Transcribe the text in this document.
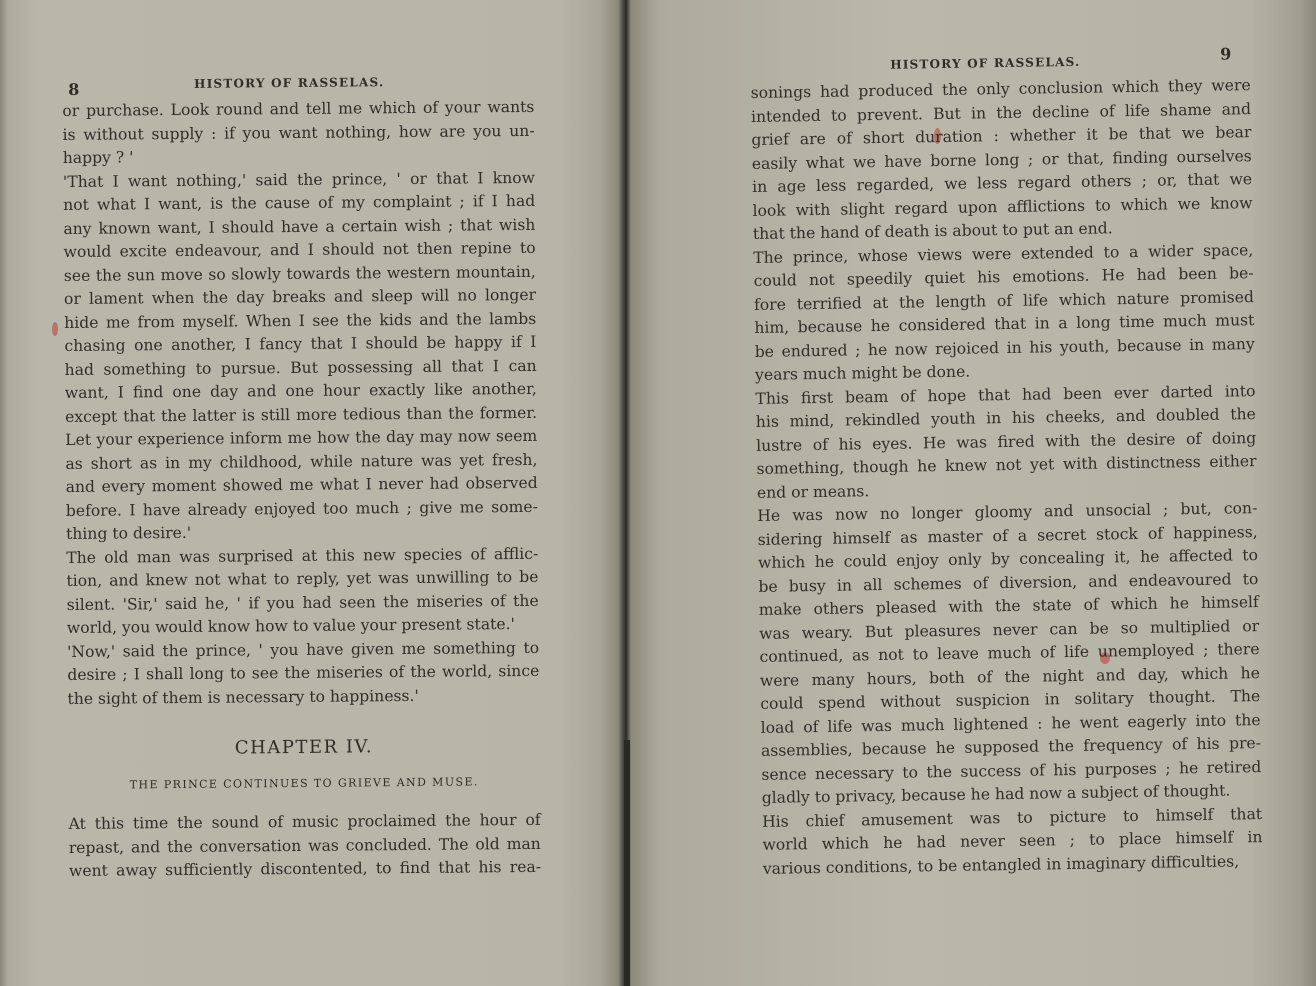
8	HISTORY OF RASSELAS.
or purchase. Look round and tell me which of your wants
is without supply : if you want nothing, how are you un-
happy ? '
'That I want nothing,' said the prince, ' or that I know
not what I want, is the cause of my complaint ; if I had
any known want, I should have a certain wish ; that wish
would excite endeavour, and I should not then repine to
see the sun move so slowly towards the western mountain,
or lament when the day breaks and sleep will no longer
hide me from myself. When I see the kids and the lambs
chasing one another, I fancy that I should be happy if I
had something to pursue. But possessing all that I can
want, I find one day and one hour exactly like another,
except that the latter is still more tedious than the former.
Let your experience inform me how the day may now seem
as short as in my childhood, while nature was yet fresh,
and every moment showed me what I never had observed
before. I have already enjoyed too much ; give me some-
thing to desire.'
The old man was surprised at this new species of afflic-
tion, and knew not what to reply, yet was unwilling to be
silent. 'Sir,' said he, ' if you had seen the miseries of the
world, you would know how to value your present state.'
'Now,' said the prince, ' you have given me something to
desire ; I shall long to see the miseries of the world, since
the sight of them is necessary to happiness.'
CHAPTER IV.
THE PRINCE CONTINUES TO GRIEVE AND MUSE.
At this time the sound of music proclaimed the hour of
repast, and the conversation was concluded. The old man
went away sufficiently discontented, to find that his rea-
HISTORY OF RASSELAS.	9
sonings had produced the only conclusion which they were
intended to prevent. But in the decline of life shame and
grief are of short duration : whether it be that we bear
easily what we have borne long ; or that, finding ourselves
in age less regarded, we less regard others ; or, that we
look with slight regard upon afflictions to which we know
that the hand of death is about to put an end.
The prince, whose views were extended to a wider space,
could not speedily quiet his emotions. He had been be-
fore terrified at the length of life which nature promised
him, because he considered that in a long time much must
be endured ; he now rejoiced in his youth, because in many
years much might be done.
This first beam of hope that had been ever darted into
his mind, rekindled youth in his cheeks, and doubled the
lustre of his eyes. He was fired with the desire of doing
something, though he knew not yet with distinctness either
end or means.
He was now no longer gloomy and unsocial ; but, con-
sidering himself as master of a secret stock of happiness,
which he could enjoy only by concealing it, he affected to
be busy in all schemes of diversion, and endeavoured to
make others pleased with the state of which he himself
was weary. But pleasures never can be so multiplied or
continued, as not to leave much of life unemployed ; there
were many hours, both of the night and day, which he
could spend without suspicion in solitary thought. The
load of life was much lightened : he went eagerly into the
assemblies, because he supposed the frequency of his pre-
sence necessary to the success of his purposes ; he retired
gladly to privacy, because he had now a subject of thought.
His chief amusement was to picture to himself that
world which he had never seen ; to place himself in
various conditions, to be entangled in imaginary difficulties,
